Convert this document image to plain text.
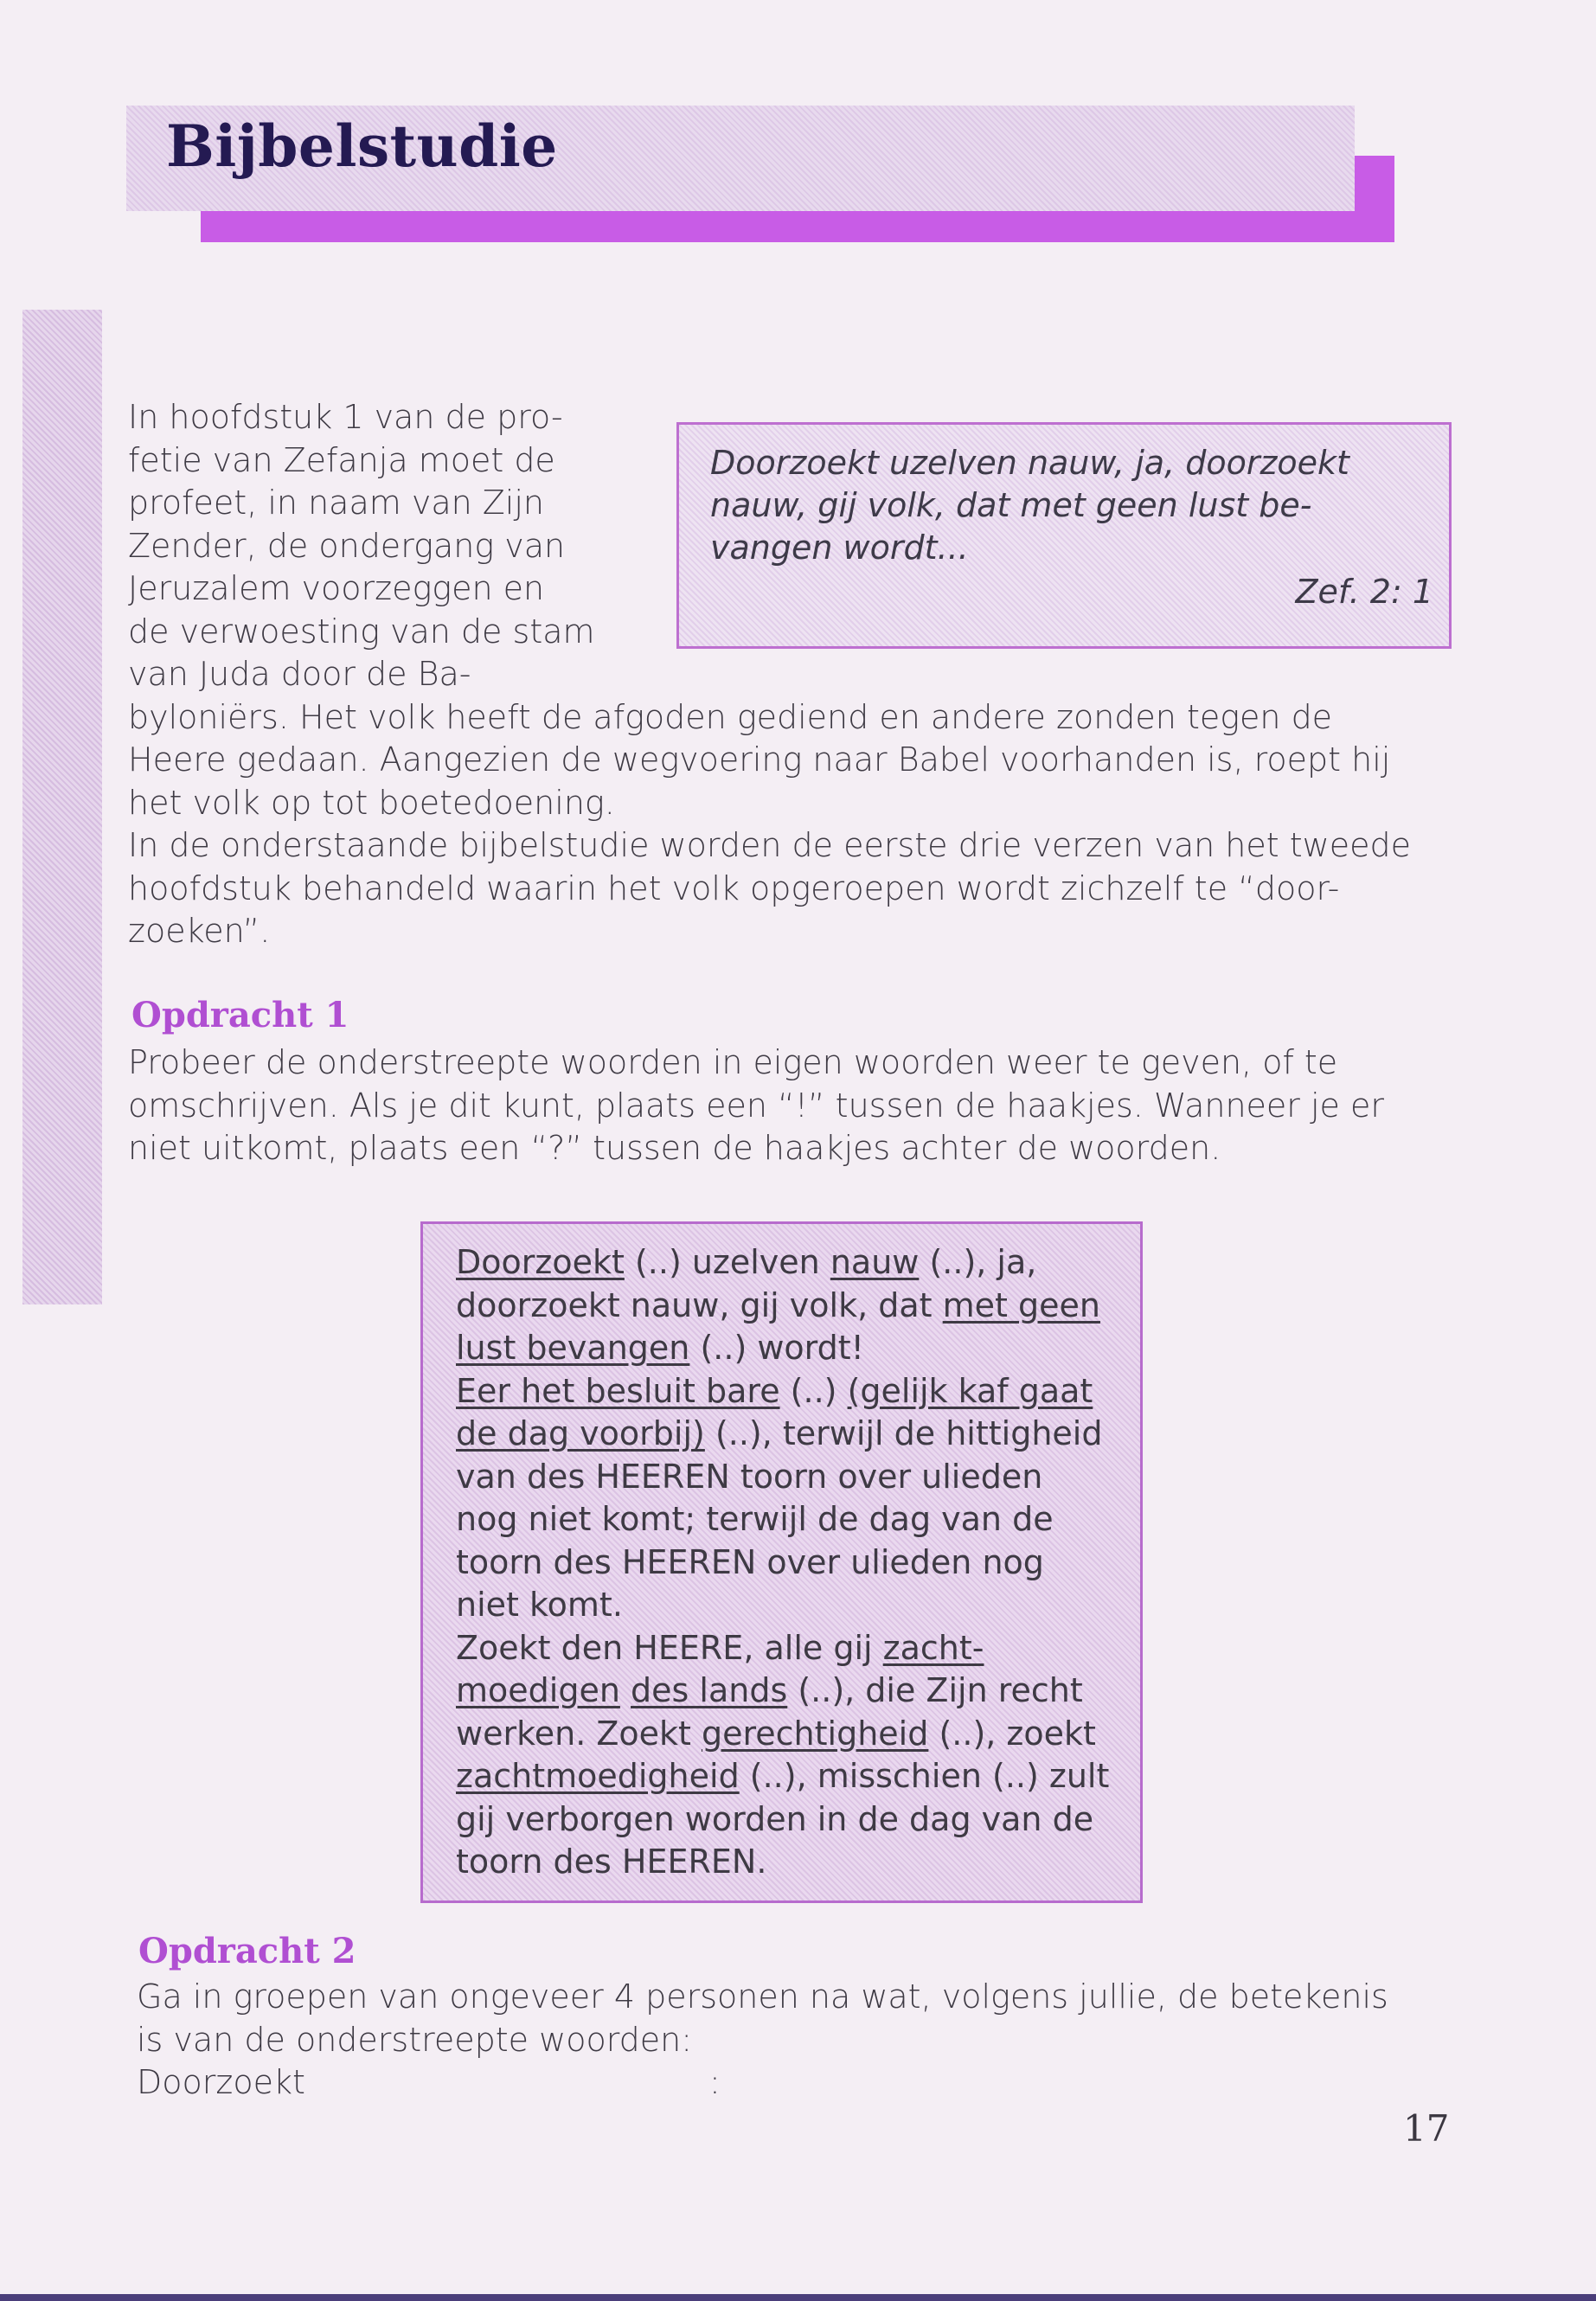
Bijbelstudie
Doorzoekt uzelven nauw, ja, doorzoekt
nauw, gij volk, dat met geen lust be-
vangen wordt...
Zef. 2: 1
In hoofdstuk 1 van de pro-
fetie van Zefanja moet de
profeet, in naam van Zijn
Zender, de ondergang van
Jeruzalem voorzeggen en
de verwoesting van de stam
van Juda door de Ba-
byloniërs. Het volk heeft de afgoden gediend en andere zonden tegen de
Heere gedaan. Aangezien de wegvoering naar Babel voorhanden is, roept hij
het volk op tot boetedoening.
In de onderstaande bijbelstudie worden de eerste drie verzen van het tweede
hoofdstuk behandeld waarin het volk opgeroepen wordt zichzelf te “door-
zoeken”.
Opdracht 1
Probeer de onderstreepte woorden in eigen woorden weer te geven, of te
omschrijven. Als je dit kunt, plaats een “!” tussen de haakjes. Wanneer je er
niet uitkomt, plaats een “?” tussen de haakjes achter de woorden.
Doorzoekt (..) uzelven nauw (..), ja,
doorzoekt nauw, gij volk, dat met geen
lust bevangen (..) wordt!
Eer het besluit bare (..) (gelijk kaf gaat
de dag voorbij) (..), terwijl de hittigheid
van des HEEREN toorn over ulieden
nog niet komt; terwijl de dag van de
toorn des HEEREN over ulieden nog
niet komt.
Zoekt den HEERE, alle gij zacht-
moedigen des lands (..), die Zijn recht
werken. Zoekt gerechtigheid (..), zoekt
zachtmoedigheid (..), misschien (..) zult
gij verborgen worden in de dag van de
toorn des HEEREN.
Opdracht 2
Ga in groepen van ongeveer 4 personen na wat, volgens jullie, de betekenis
is van de onderstreepte woorden:
Doorzoekt	:
17
